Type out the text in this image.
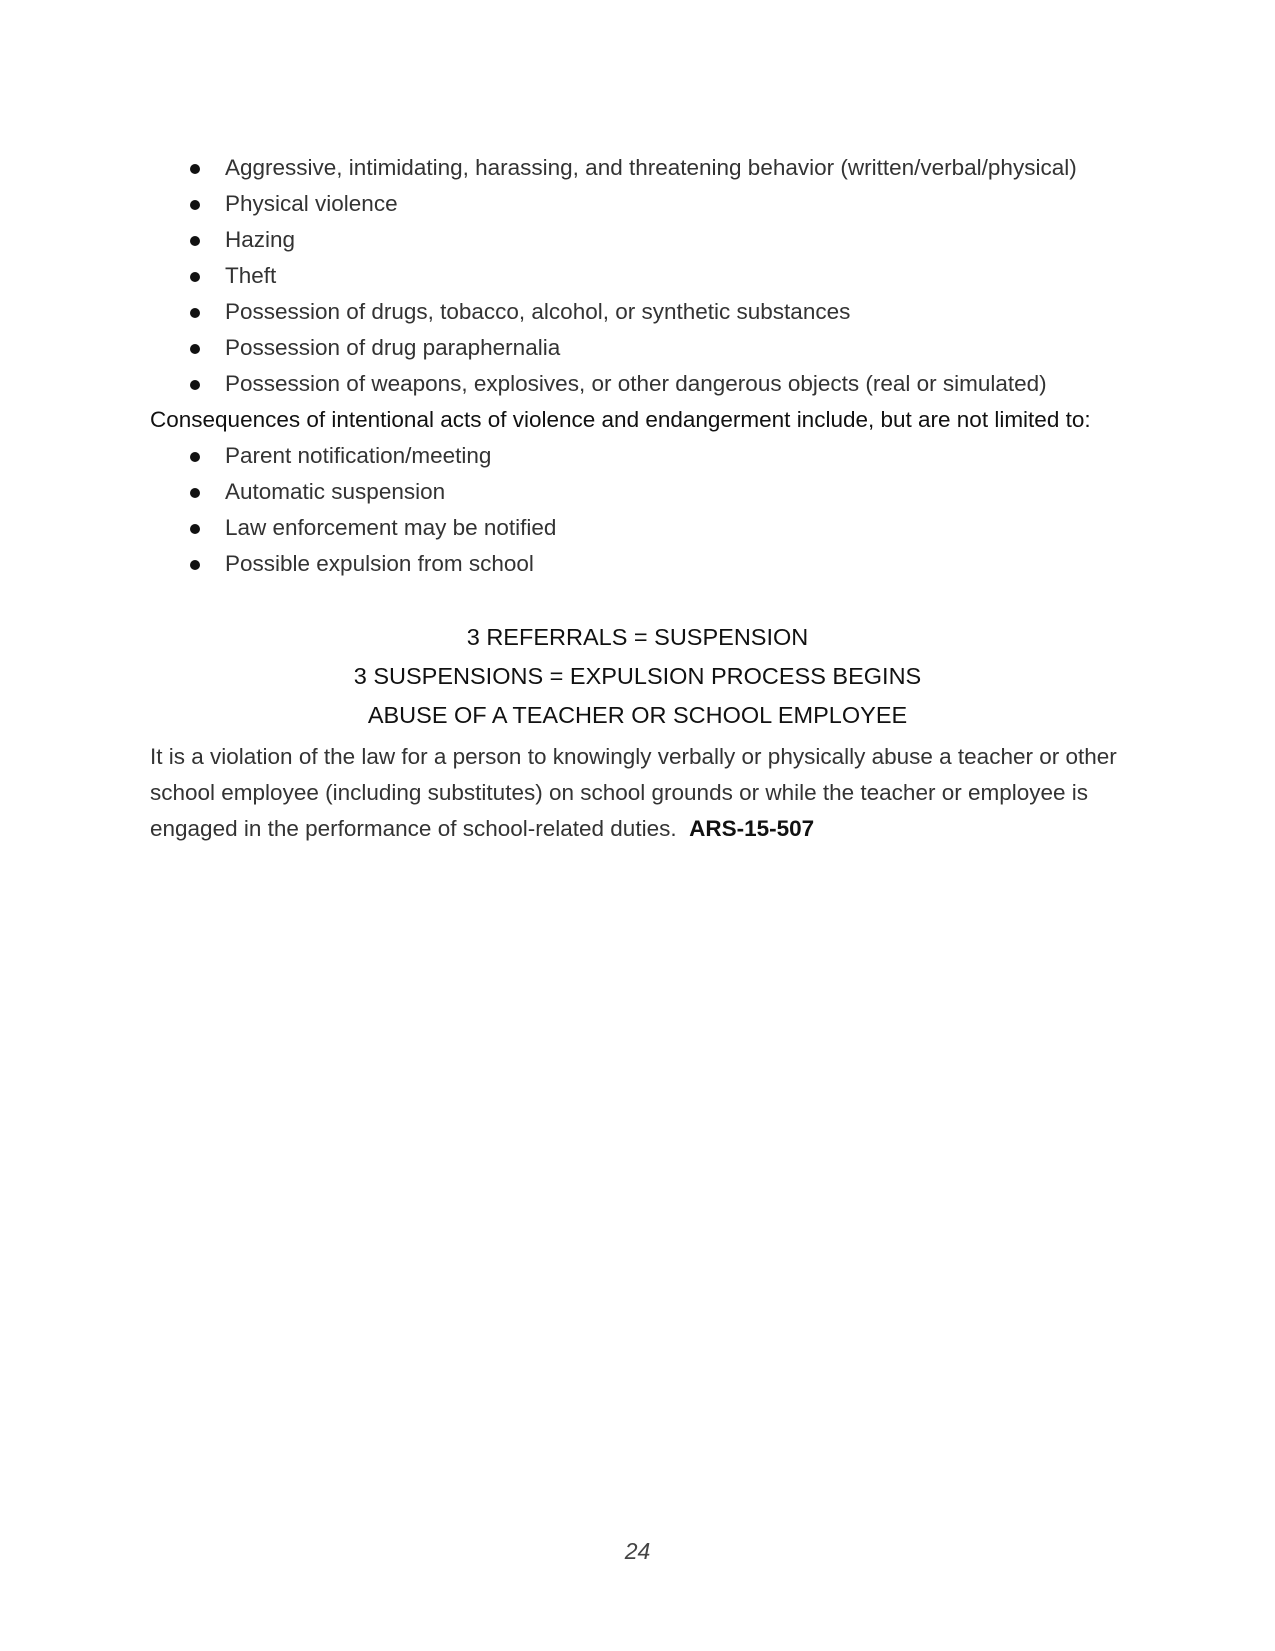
Aggressive, intimidating, harassing, and threatening behavior (written/verbal/physical)
Physical violence
Hazing
Theft
Possession of drugs, tobacco, alcohol, or synthetic substances
Possession of drug paraphernalia
Possession of weapons, explosives, or other dangerous objects (real or simulated)

Consequences of intentional acts of violence and endangerment include, but are not limited to:

Parent notification/meeting
Automatic suspension
Law enforcement may be notified
Possible expulsion from school

3 REFERRALS = SUSPENSION

3 SUSPENSIONS = EXPULSION PROCESS BEGINS

ABUSE OF A TEACHER OR SCHOOL EMPLOYEE

It is a violation of the law for a person to knowingly verbally or physically abuse a teacher or other school employee (including substitutes) on school grounds or while the teacher or employee is engaged in the performance of school-related duties. ARS-15-507

24
